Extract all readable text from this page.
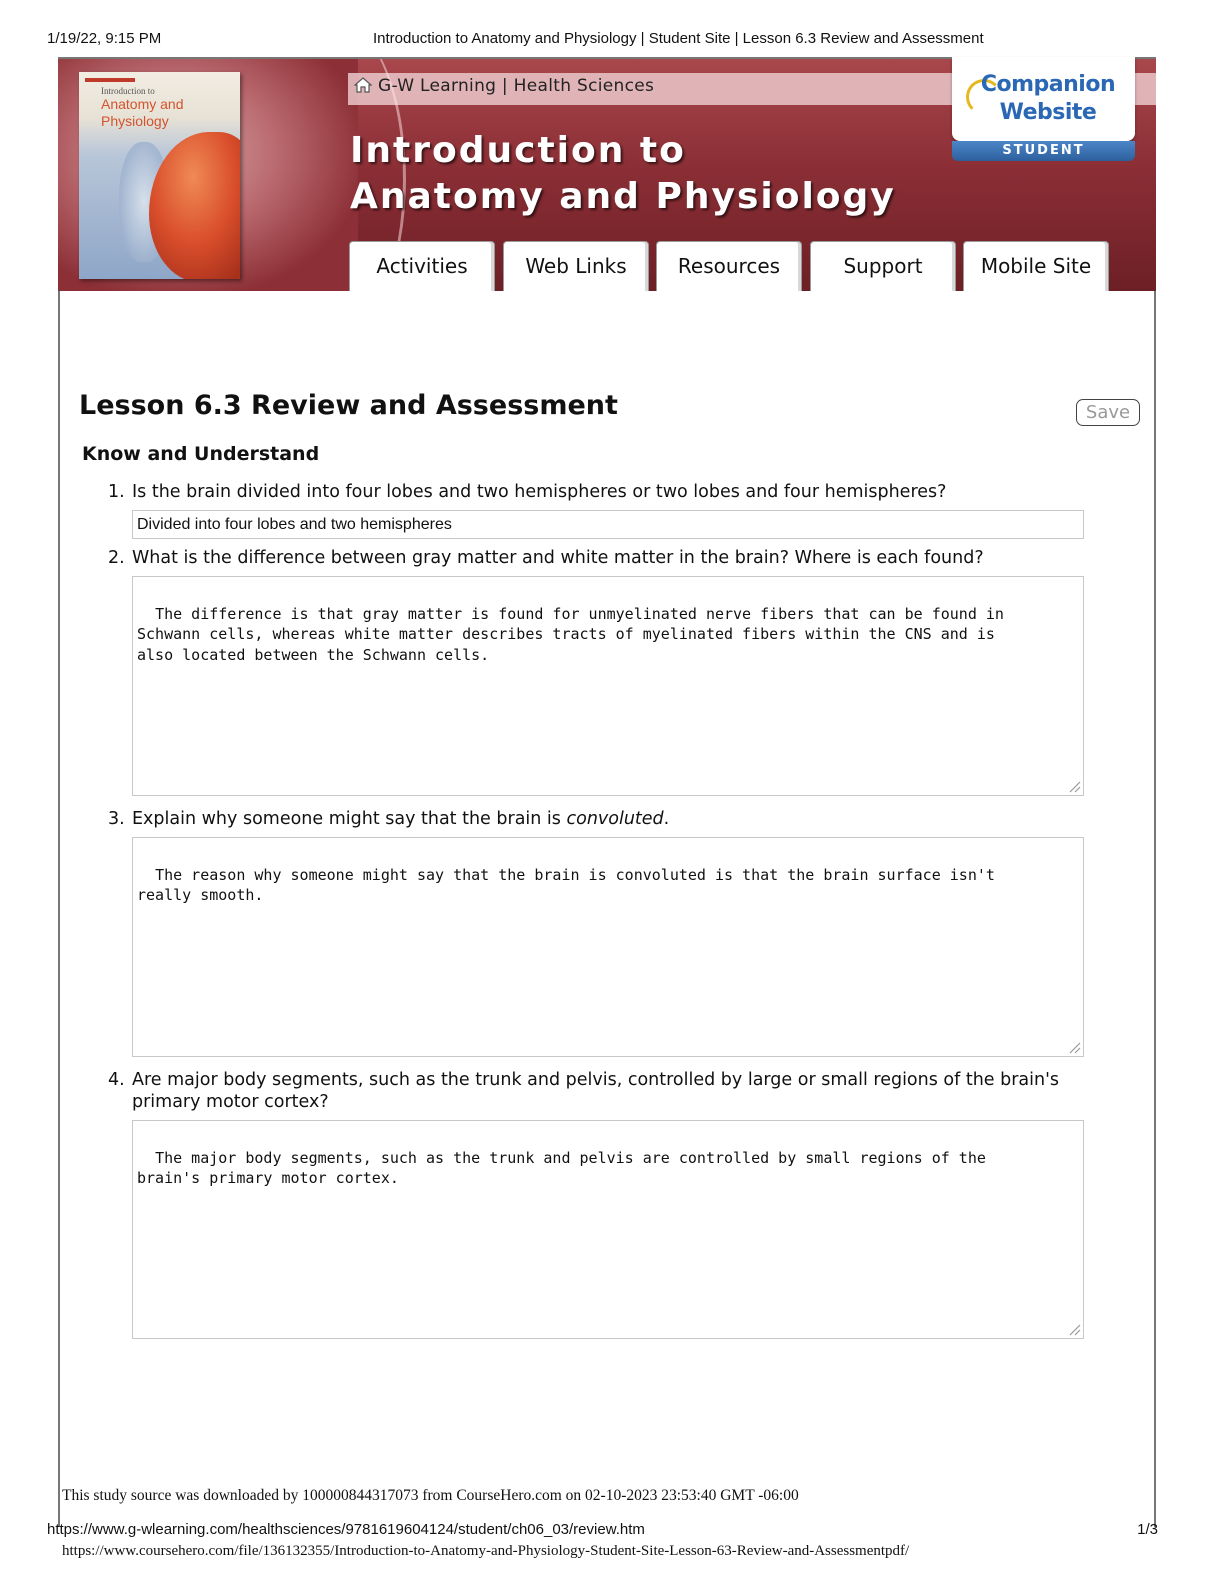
1/19/22, 9:15 PM	Introduction to Anatomy and Physiology | Student Site | Lesson 6.3 Review and Assessment
Introduction to
Anatomy and
Physiology
G-W Learning | Health Sciences
Introduction to
Anatomy and Physiology
Companion
Website
STUDENT
Activities	Web Links	Resources	Support	Mobile Site
Lesson 6.3 Review and Assessment	Save
Know and Understand
1. Is the brain divided into four lobes and two hemispheres or two lobes and four hemispheres?
Divided into four lobes and two hemispheres
2. What is the difference between gray matter and white matter in the brain? Where is each found?

The difference is that gray matter is found for unmyelinated nerve fibers that can be found in
Schwann cells, whereas white matter describes tracts of myelinated fibers within the CNS and is
also located between the Schwann cells.

3. Explain why someone might say that the brain is convoluted.

The reason why someone might say that the brain is convoluted is that the brain surface isn't
really smooth.

4. Are major body segments, such as the trunk and pelvis, controlled by large or small regions of the brain's primary motor cortex?

The major body segments, such as the trunk and pelvis are controlled by small regions of the
brain's primary motor cortex.

This study source was downloaded by 100000844317073 from CourseHero.com on 02-10-2023 23:53:40 GMT -06:00
https://www.g-wlearning.com/healthsciences/9781619604124/student/ch06_03/review.htm	1/3
https://www.coursehero.com/file/136132355/Introduction-to-Anatomy-and-Physiology-Student-Site-Lesson-63-Review-and-Assessmentpdf/
